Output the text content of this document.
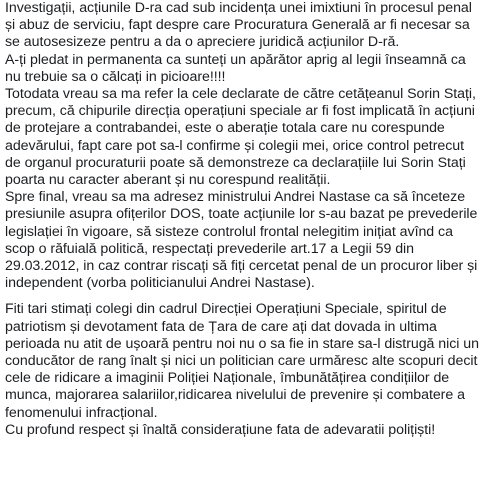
Investigații, acțiunile D-ra cad sub incidența unei imixtiuni în procesul penal
și abuz de serviciu, fapt despre care Procuratura Generală ar fi necesar sa
se autosesizeze pentru a da o apreciere juridică acțiunilor D-ră.
A-ți pledat in permanenta ca sunteți un apărător aprig al legii înseamnă ca
nu trebuie sa o călcați in picioare!!!!
Totodata vreau sa ma refer la cele declarate de către cetățeanul Sorin Stați,
precum, că chipurile direcția operațiuni speciale ar fi fost implicată în acțiuni
de protejare a contrabandei, este o aberație totala care nu corespunde
adevărului, fapt care pot sa-l confirme și colegii mei, orice control petrecut
de organul procuraturii poate să demonstreze ca declarațiile lui Sorin Stați
poarta nu caracter aberant și nu corespund realității.
Spre final, vreau sa ma adresez ministrului Andrei Nastase ca să înceteze
presiunile asupra ofițerilor DOS, toate acțiunile lor s-au bazat pe prevederile
legislației în vigoare, să sisteze controlul frontal nelegitim inițiat avînd ca
scop o răfuială politică, respectați prevederile art.17 a Legii 59 din
29.03.2012, in caz contrar riscați să fiți cercetat penal de un procuror liber și
independent (vorba politicianului Andrei Nastase).
Fiti tari stimați colegi din cadrul Direcției Operațiuni Speciale, spiritul de
patriotism și devotament fata de Țara de care ați dat dovada in ultima
perioada nu atit de ușoară pentru noi nu o sa fie in stare sa-l distrugă nici un
conducător de rang înalt și nici un politician care urmăresc alte scopuri decit
cele de ridicare a imaginii Poliției Naționale, îmbunătățirea condițiilor de
munca, majorarea salariilor,ridicarea nivelului de prevenire și combatere a
fenomenului infracțional.
Cu profund respect și înaltă considerațiune fata de adevaratii polițiști!
